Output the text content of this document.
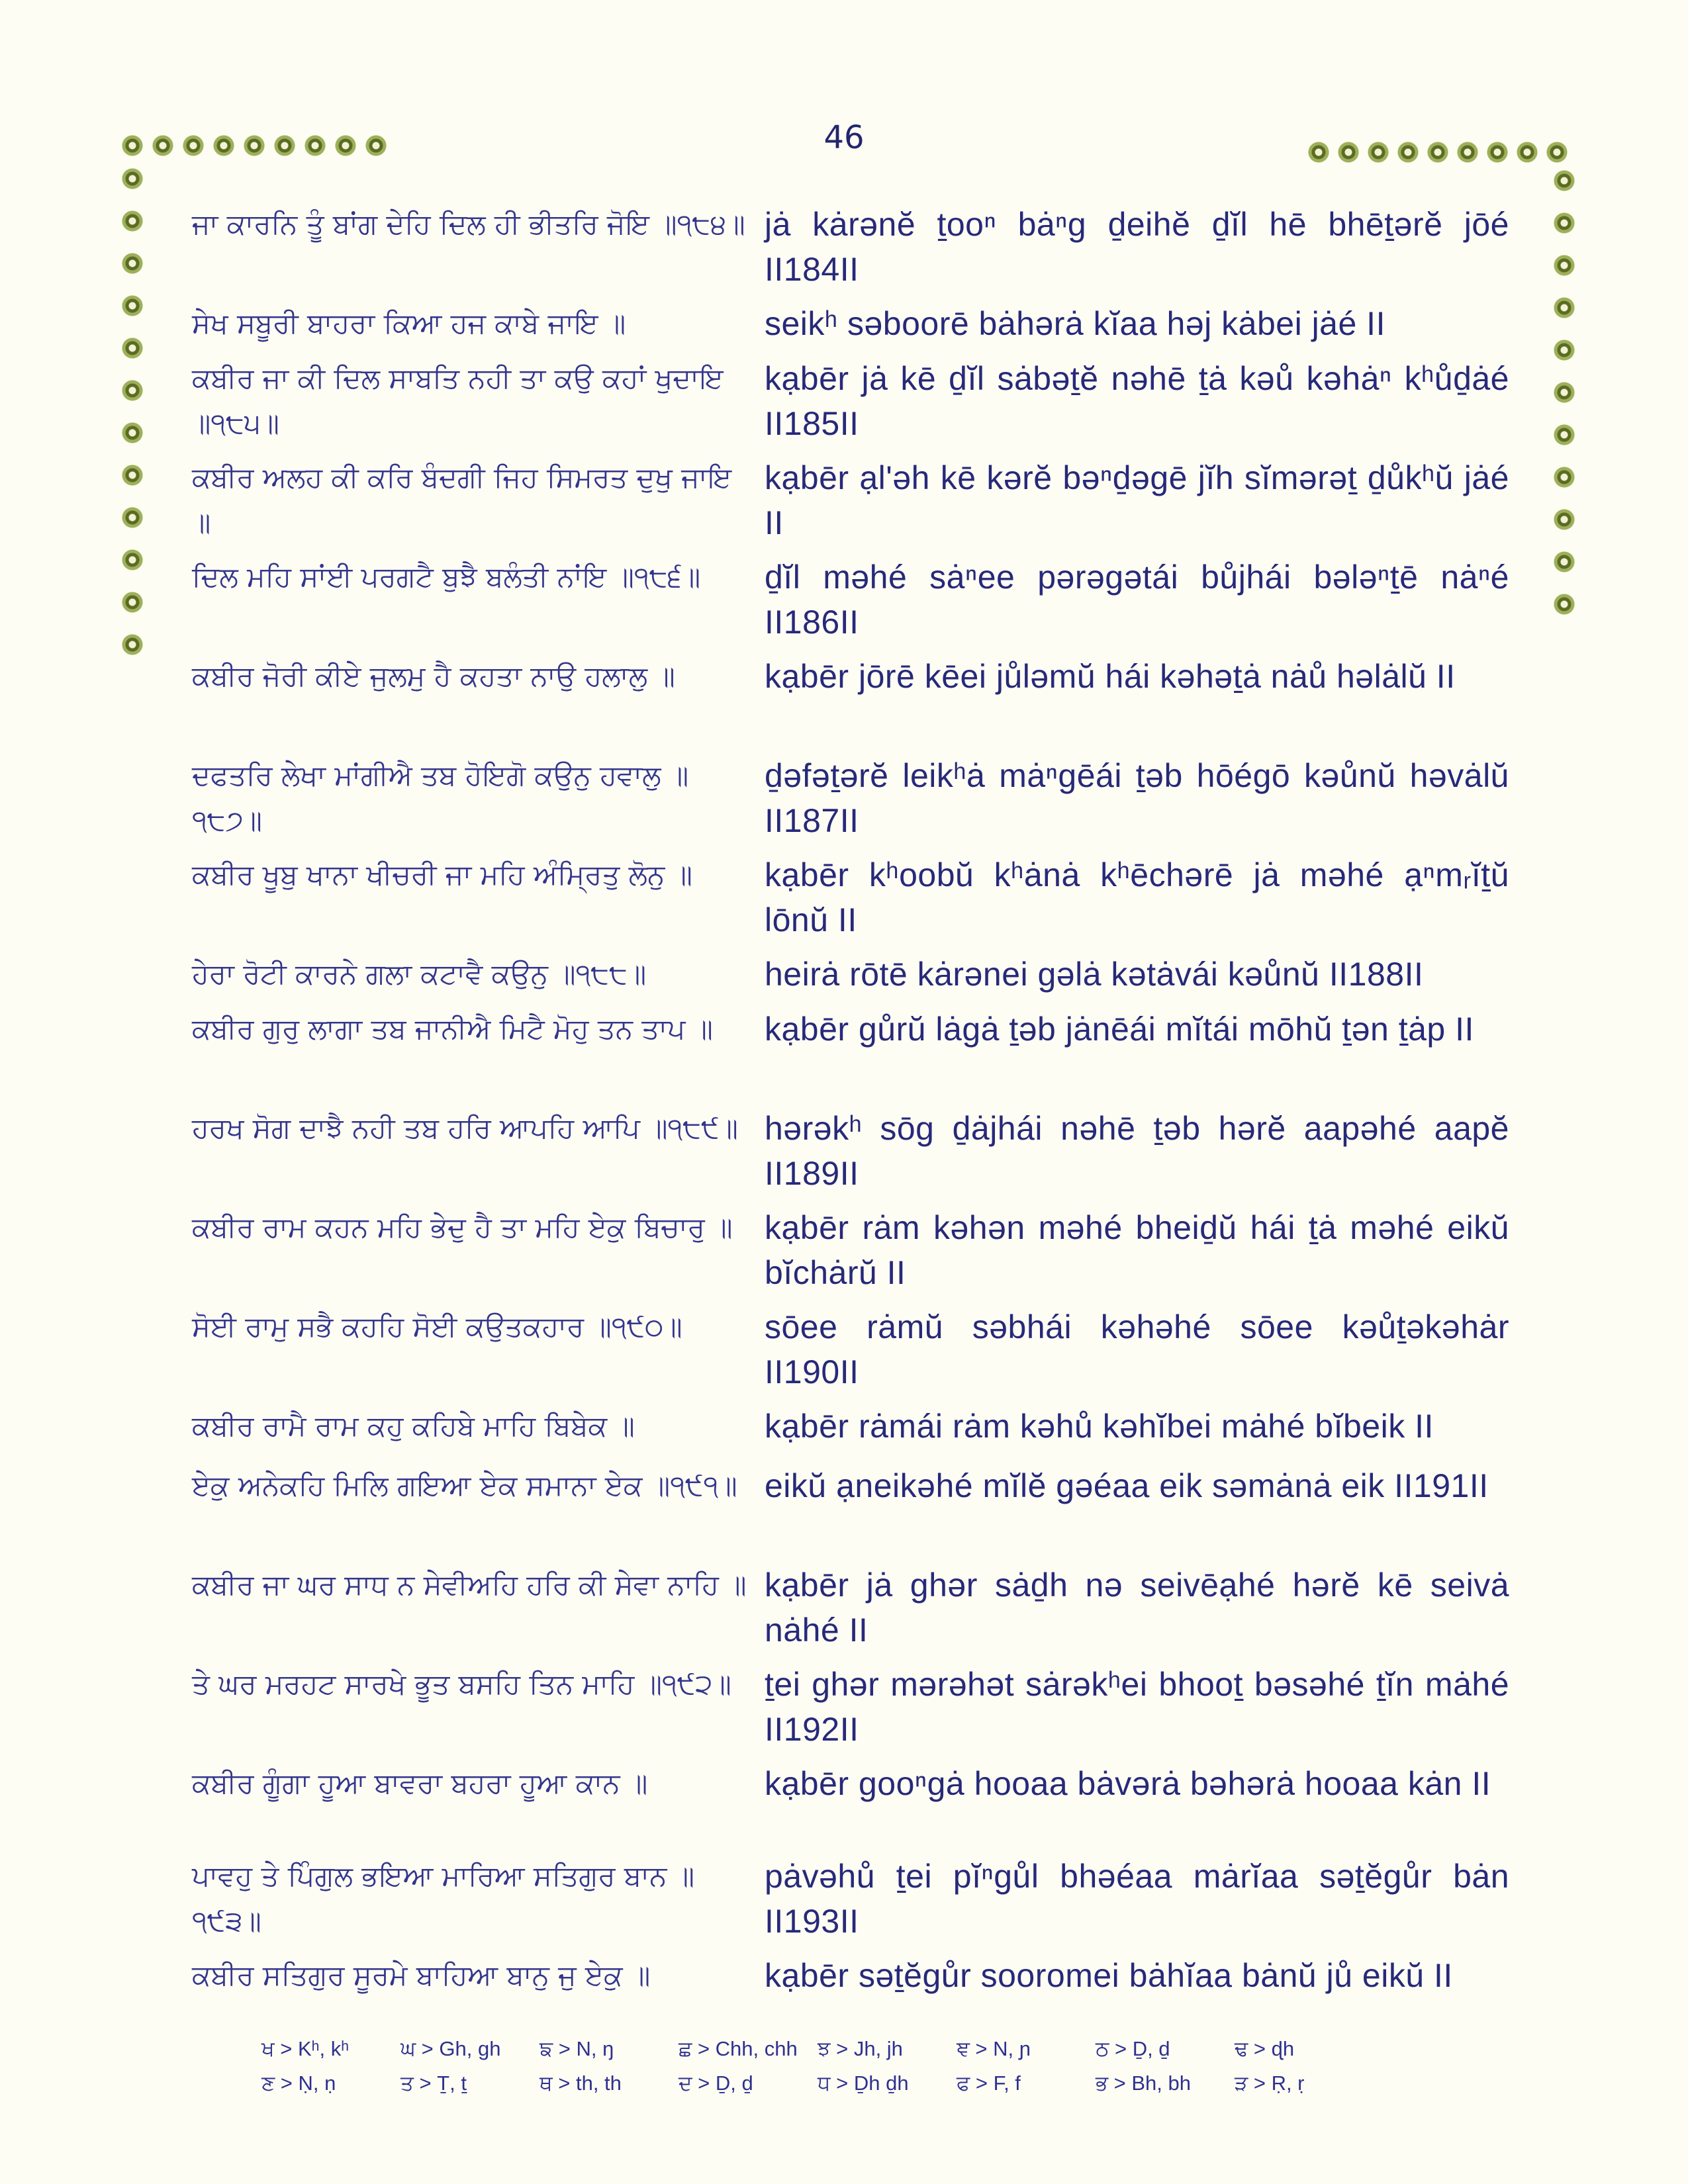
46
ਜਾ ਕਾਰਨਿ ਤੂੰ ਬਾਂਗ ਦੇਹਿ ਦਿਲ ਹੀ ਭੀਤਰਿ ਜੋਇ ॥੧੮੪॥ jȧ kȧrənĕ ṯooⁿ bȧⁿg ḏeihĕ ḏĭl hē bhēṯərĕ jōé II184II
ਸੇਖ ਸਬੂਰੀ ਬਾਹਰਾ ਕਿਆ ਹਜ ਕਾਬੇ ਜਾਇ ॥	seikʰ səboorē bȧhərȧ kĭaa həj kȧbei jȧé II
ਕਬੀਰ ਜਾ ਕੀ ਦਿਲ ਸਾਬਤਿ ਨਹੀ ਤਾ ਕਉ ਕਹਾਂ ਖੁਦਾਇ ॥੧੮੫॥
kạbēr jȧ kē ḏĭl sȧbəṯĕ nəhē ṯȧ kəů kəhȧⁿ kʰůḏȧé II185II
ਕਬੀਰ ਅਲਹ ਕੀ ਕਰਿ ਬੰਦਗੀ ਜਿਹ ਸਿਮਰਤ ਦੁਖੁ ਜਾਇ ॥
kạbēr ạl'əh kē kərĕ bəⁿḏəgē jĭh sĭmərəṯ ḏůkʰŭ jȧé II
ਦਿਲ ਮਹਿ ਸਾਂਈ ਪਰਗਟੈ ਬੁਝੈ ਬਲੰਤੀ ਨਾਂਇ ॥੧੮੬॥	ḏĭl məhé sȧⁿee pərəgətái bůjhái bələⁿṯē nȧⁿé II186II
ਕਬੀਰ ਜੋਰੀ ਕੀਏ ਜੁਲਮੁ ਹੈ ਕਹਤਾ ਨਾਉ ਹਲਾਲੁ ॥	kạbēr jōrē kēei jůləmŭ hái kəhəṯȧ nȧů həlȧlŭ II
ਦਫਤਰਿ ਲੇਖਾ ਮਾਂਗੀਐ ਤਬ ਹੋਇਗੋ ਕਉਨੁ ਹਵਾਲੁ ॥੧੮੭॥
ḏəfəṯərĕ leikʰȧ mȧⁿgēái ṯəb hōégō kəůnŭ həvȧlŭ II187II
ਕਬੀਰ ਖੂਬੁ ਖਾਨਾ ਖੀਚਰੀ ਜਾ ਮਹਿ ਅੰਮ੍ਰਿਤੁ ਲੋਨੁ ॥	kạbēr kʰoobŭ kʰȧnȧ kʰēchərē jȧ məhé ạⁿmᵣĭṯŭ lōnŭ II
ਹੇਰਾ ਰੋਟੀ ਕਾਰਨੇ ਗਲਾ ਕਟਾਵੈ ਕਉਨੁ ॥੧੮੮॥	heirȧ rōtē kȧrənei gəlȧ kətȧvái kəůnŭ II188II
ਕਬੀਰ ਗੁਰੁ ਲਾਗਾ ਤਬ ਜਾਨੀਐ ਮਿਟੈ ਮੋਹੁ ਤਨ ਤਾਪ ॥	kạbēr gůrŭ lȧgȧ ṯəb jȧnēái mĭtái mōhŭ ṯən ṯȧp II
ਹਰਖ ਸੋਗ ਦਾਝੈ ਨਹੀ ਤਬ ਹਰਿ ਆਪਹਿ ਆਪਿ ॥੧੮੯॥ hərəkʰ sōg ḏȧjhái nəhē ṯəb hərĕ aapəhé aapĕ II189II
ਕਬੀਰ ਰਾਮ ਕਹਨ ਮਹਿ ਭੇਦੁ ਹੈ ਤਾ ਮਹਿ ਏਕੁ ਬਿਚਾਰੁ ॥ kạbēr rȧm kəhən məhé bheiḏŭ hái ṯȧ məhé eikŭ bĭchȧrŭ II
ਸੋਈ ਰਾਮੁ ਸਭੈ ਕਹਹਿ ਸੋਈ ਕਉਤਕਹਾਰ ॥੧੯੦॥	sōee rȧmŭ səbhái kəhəhé sōee kəůṯəkəhȧr II190II
ਕਬੀਰ ਰਾਮੈ ਰਾਮ ਕਹੁ ਕਹਿਬੇ ਮਾਹਿ ਬਿਬੇਕ ॥	kạbēr rȧmái rȧm kəhů kəhĭbei mȧhé bĭbeik II
ਏਕੁ ਅਨੇਕਹਿ ਮਿਲਿ ਗਇਆ ਏਕ ਸਮਾਨਾ ਏਕ ॥੧੯੧॥ eikŭ ạneikəhé mĭlĕ gəéaa eik səmȧnȧ eik II191II
ਕਬੀਰ ਜਾ ਘਰ ਸਾਧ ਨ ਸੇਵੀਅਹਿ ਹਰਿ ਕੀ ਸੇਵਾ ਨਾਹਿ ॥ kạbēr jȧ ghər sȧḏh nə seivēạhé hərĕ kē seivȧ nȧhé II
ਤੇ ਘਰ ਮਰਹਟ ਸਾਰਖੇ ਭੂਤ ਬਸਹਿ ਤਿਨ ਮਾਹਿ ॥੧੯੨॥	ṯei ghər mərəhət sȧrəkʰei bhooṯ bəsəhé ṯĭn mȧhé II192II
ਕਬੀਰ ਗੂੰਗਾ ਹੂਆ ਬਾਵਰਾ ਬਹਰਾ ਹੂਆ ਕਾਨ ॥	kạbēr gooⁿgȧ hooaa bȧvərȧ bəhərȧ hooaa kȧn II
ਪਾਵਹੁ ਤੇ ਪਿੰਗੁਲ ਭਇਆ ਮਾਰਿਆ ਸਤਿਗੁਰ ਬਾਨ ॥੧੯੩॥
pȧvəhů ṯei pĭⁿgůl bhəéaa mȧrĭaa səṯĕgůr bȧn II193II
ਕਬੀਰ ਸਤਿਗੁਰ ਸੂਰਮੇ ਬਾਹਿਆ ਬਾਨੁ ਜੁ ਏਕੁ ॥	kạbēr səṯĕgůr sooromei bȧhĭaa bȧnŭ jů eikŭ II
ਖ > Kʰ, kʰ	ਘ > Gh, gh	ਙ > N, ŋ	ਛ > Chh, chh ਝ > Jh, jh	ਞ > N, ɲ	ਠ > Ḏ, ḏ	ਢ > ɖh
ਣ > Ṇ, ṇ	ਤ > Ṯ, ṯ	ਥ > th, th	ਦ > Ḏ, ḏ	ਧ > Ḏh ḏh	ਫ > F, f	ਭ > Bh, bh	ੜ > Ṛ, ṛ
